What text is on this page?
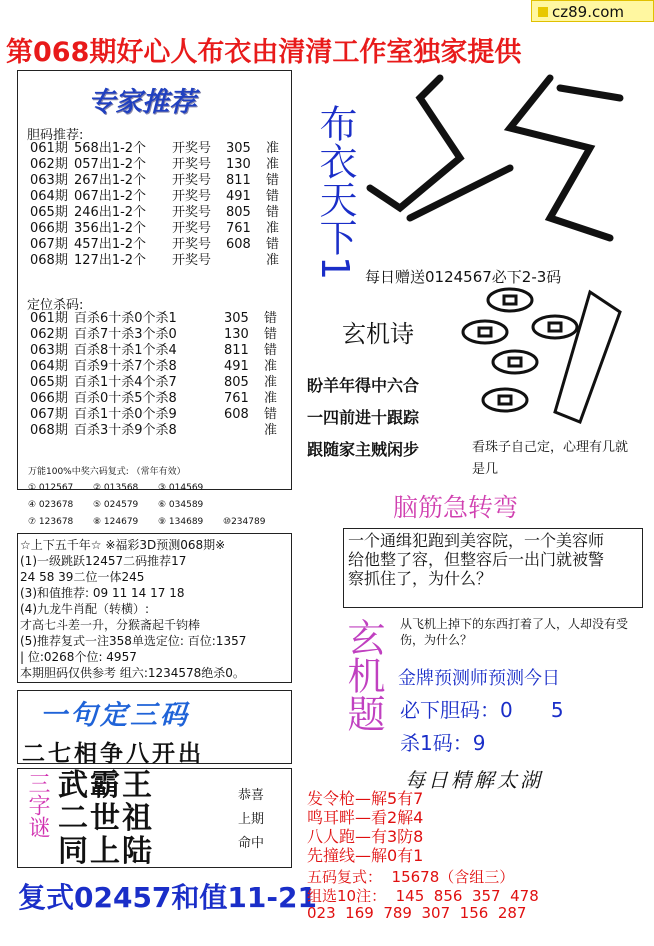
cz89.com
第068期好心人布衣由清清工作室独家提供
专家推荐
胆码推荐:
061期 568出1-2个 开奖号 305 准
062期 057出1-2个 开奖号 130 准
063期 267出1-2个 开奖号 811 错
064期 067出1-2个 开奖号 491 错
065期 246出1-2个 开奖号 805 错
066期 356出1-2个 开奖号 761 准
067期 457出1-2个 开奖号 608 错
068期 127出1-2个 开奖号	准
定位杀码:
061期 百杀6十杀0个杀1	305 错
062期 百杀7十杀3个杀0	130 错
063期 百杀8十杀1个杀4	811 错
064期 百杀9十杀7个杀8	491 准
065期 百杀1十杀4个杀7	805 准
066期 百杀0十杀5个杀8	761 准
067期 百杀1十杀0个杀9	608 错
068期 百杀3十杀9个杀8	准
万能100%中奖六码复式: （常年有效）
① 012567 ② 013568 ③ 014569
④ 023678 ⑤ 024579 ⑥ 034589
⑦ 123678 ⑧ 124679 ⑨ 134689 ⑩234789
☆上下五千年☆ ※福彩3D预测068期※
(1)一级跳跃12457二码推荐17
24 58 39二位一体245
(3)和值推荐: 09 11 14 17 18
(4)九龙牛肖配（转横）:
才高七斗差一升，分猴斋起千钧棒
(5)推荐复式一注358单选定位: 百位:1357
| 位:0268个位: 4957
本期胆码仅供参考 组六:1234578绝杀0。
一句定三码
二七相争八开出
三字谜 武霸王
二世祖
同上陆
恭喜
上期
命中
复式02457和值11-21
布衣天下1 每日赠送0124567必下2-3码
玄机诗
盼羊年得中六合
一四前进十跟踪
跟随家主贼闲步	看珠子自己定，心理有几就是几
脑筋急转弯
一个通缉犯跑到美容院，一个美容师给他整了容，但整容后一出门就被警察抓住了，为什么？
玄机题 从飞机上掉下的东西打着了人，人却没有受伤，为什么？
金牌预测师预测今日
必下胆码：0      5
杀1码：9
每日精解太湖
发令枪—解5有7
鸣耳畔—看2解4
八人跑—有3防8
先撞线—解0有1
五码复式：  15678（含组三）
组选10注：  145  856  357  478
023  169  789  307  156  287
